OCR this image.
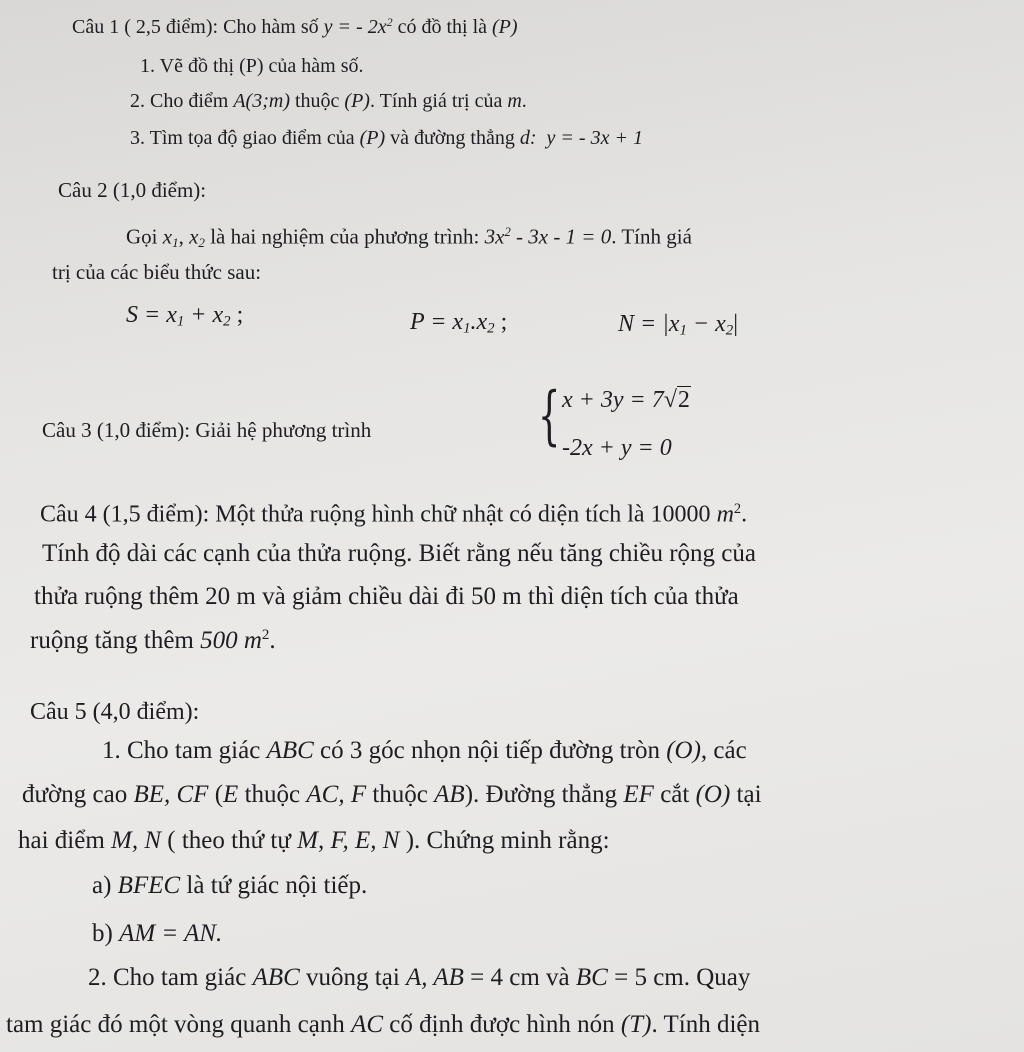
Câu 1 ( 2,5 điểm): Cho hàm số y = - $2x^2$ có đồ thị là (P)
1. Vẽ đồ thị (P) của hàm số.
2. Cho điểm A(3;m) thuộc (P). Tính giá trị của m.
3. Tìm tọa độ giao điểm của (P) và đường thẳng d: y = - 3x + 1
Câu 2 (1,0 điểm):
Gọi $x_1$, $x_2$ là hai nghiệm của phương trình: $3x^2 - 3x - 1 = 0$. Tính giá
trị của các biểu thức sau:
$S = x_1 + x_2$ ;	$P = x_1.x_2$ ;	$N = |x_1 - x_2|$
Câu 3 (1,0 điểm): Giải hệ phương trình	{ x + 3y = 7√2
-2x + y = 0
Câu 4 (1,5 điểm): Một thửa ruộng hình chữ nhật có diện tích là 10000 $m^2$.
Tính độ dài các cạnh của thửa ruộng. Biết rằng nếu tăng chiều rộng của
thửa ruộng thêm 20 m và giảm chiều dài đi 50 m thì diện tích của thửa
ruộng tăng thêm 500 $m^2$.
Câu 5 (4,0 điểm):
1. Cho tam giác ABC có 3 góc nhọn nội tiếp đường tròn (O), các
đường cao BE, CF (E thuộc AC, F thuộc AB). Đường thẳng EF cắt (O) tại
hai điểm M, N ( theo thứ tự M, F, E, N ). Chứng minh rằng:
a) BFEC là tứ giác nội tiếp.
b) AM = AN.
2. Cho tam giác ABC vuông tại A, AB = 4 cm và BC = 5 cm. Quay
tam giác đó một vòng quanh cạnh AC cố định được hình nón (T). Tính diện
